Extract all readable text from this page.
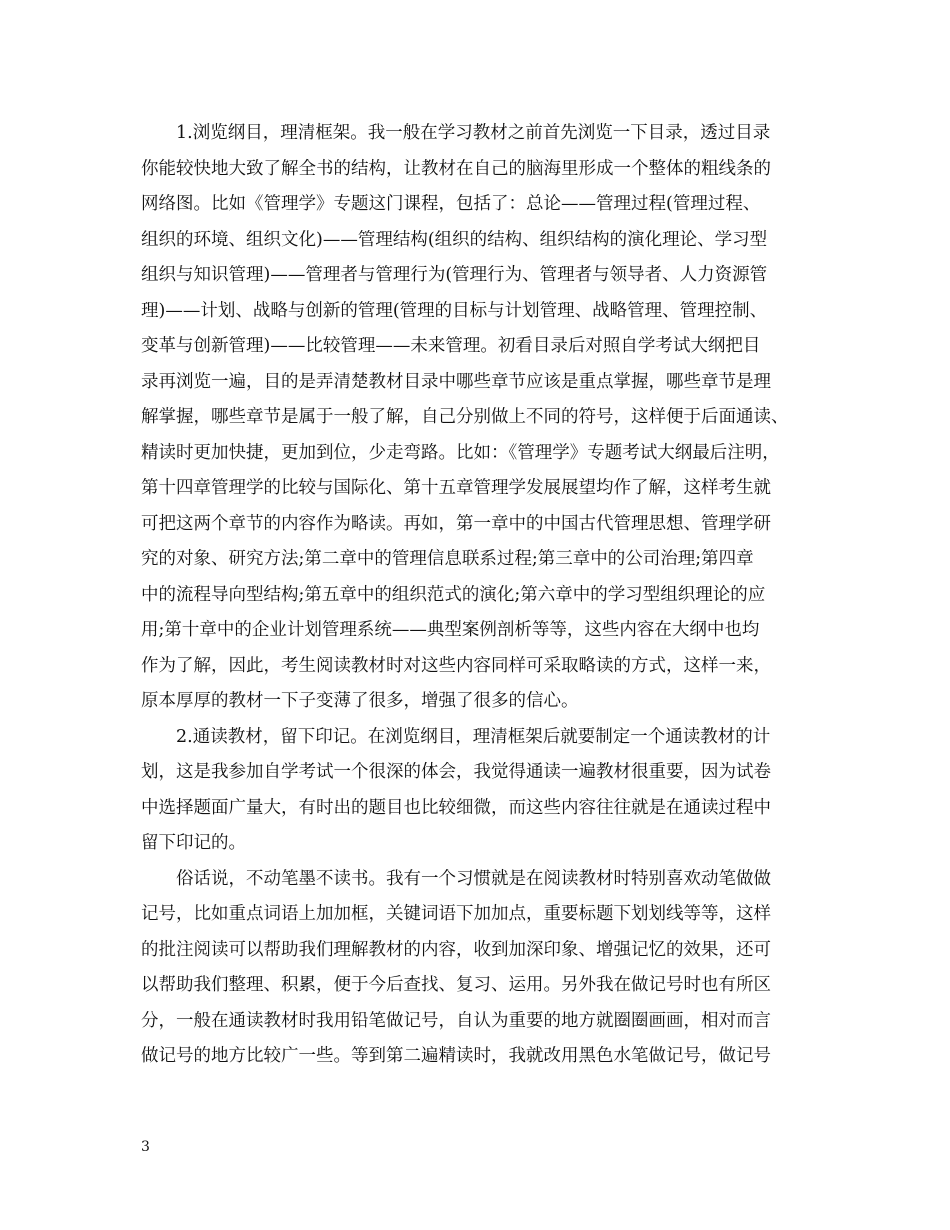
1.浏览纲目，理清框架。我一般在学习教材之前首先浏览一下目录，透过目录
你能较快地大致了解全书的结构，让教材在自己的脑海里形成一个整体的粗线条的
网络图。比如《管理学》专题这门课程，包括了：总论——管理过程(管理过程、
组织的环境、组织文化)——管理结构(组织的结构、组织结构的演化理论、学习型
组织与知识管理)——管理者与管理行为(管理行为、管理者与领导者、人力资源管
理)——计划、战略与创新的管理(管理的目标与计划管理、战略管理、管理控制、
变革与创新管理)——比较管理——未来管理。初看目录后对照自学考试大纲把目
录再浏览一遍，目的是弄清楚教材目录中哪些章节应该是重点掌握，哪些章节是理
解掌握，哪些章节是属于一般了解，自己分别做上不同的符号，这样便于后面通读、
精读时更加快捷，更加到位，少走弯路。比如：《管理学》专题考试大纲最后注明，
第十四章管理学的比较与国际化、第十五章管理学发展展望均作了解，这样考生就
可把这两个章节的内容作为略读。再如，第一章中的中国古代管理思想、管理学研
究的对象、研究方法;第二章中的管理信息联系过程;第三章中的公司治理;第四章
中的流程导向型结构;第五章中的组织范式的演化;第六章中的学习型组织理论的应
用;第十章中的企业计划管理系统——典型案例剖析等等，这些内容在大纲中也均
作为了解，因此，考生阅读教材时对这些内容同样可采取略读的方式，这样一来，
原本厚厚的教材一下子变薄了很多，增强了很多的信心。
2.通读教材，留下印记。在浏览纲目，理清框架后就要制定一个通读教材的计
划，这是我参加自学考试一个很深的体会，我觉得通读一遍教材很重要，因为试卷
中选择题面广量大，有时出的题目也比较细微，而这些内容往往就是在通读过程中
留下印记的。
俗话说，不动笔墨不读书。我有一个习惯就是在阅读教材时特别喜欢动笔做做
记号，比如重点词语上加加框，关键词语下加加点，重要标题下划划线等等，这样
的批注阅读可以帮助我们理解教材的内容，收到加深印象、增强记忆的效果，还可
以帮助我们整理、积累，便于今后查找、复习、运用。另外我在做记号时也有所区
分，一般在通读教材时我用铅笔做记号，自认为重要的地方就圈圈画画，相对而言
做记号的地方比较广一些。等到第二遍精读时，我就改用黑色水笔做记号，做记号
3
